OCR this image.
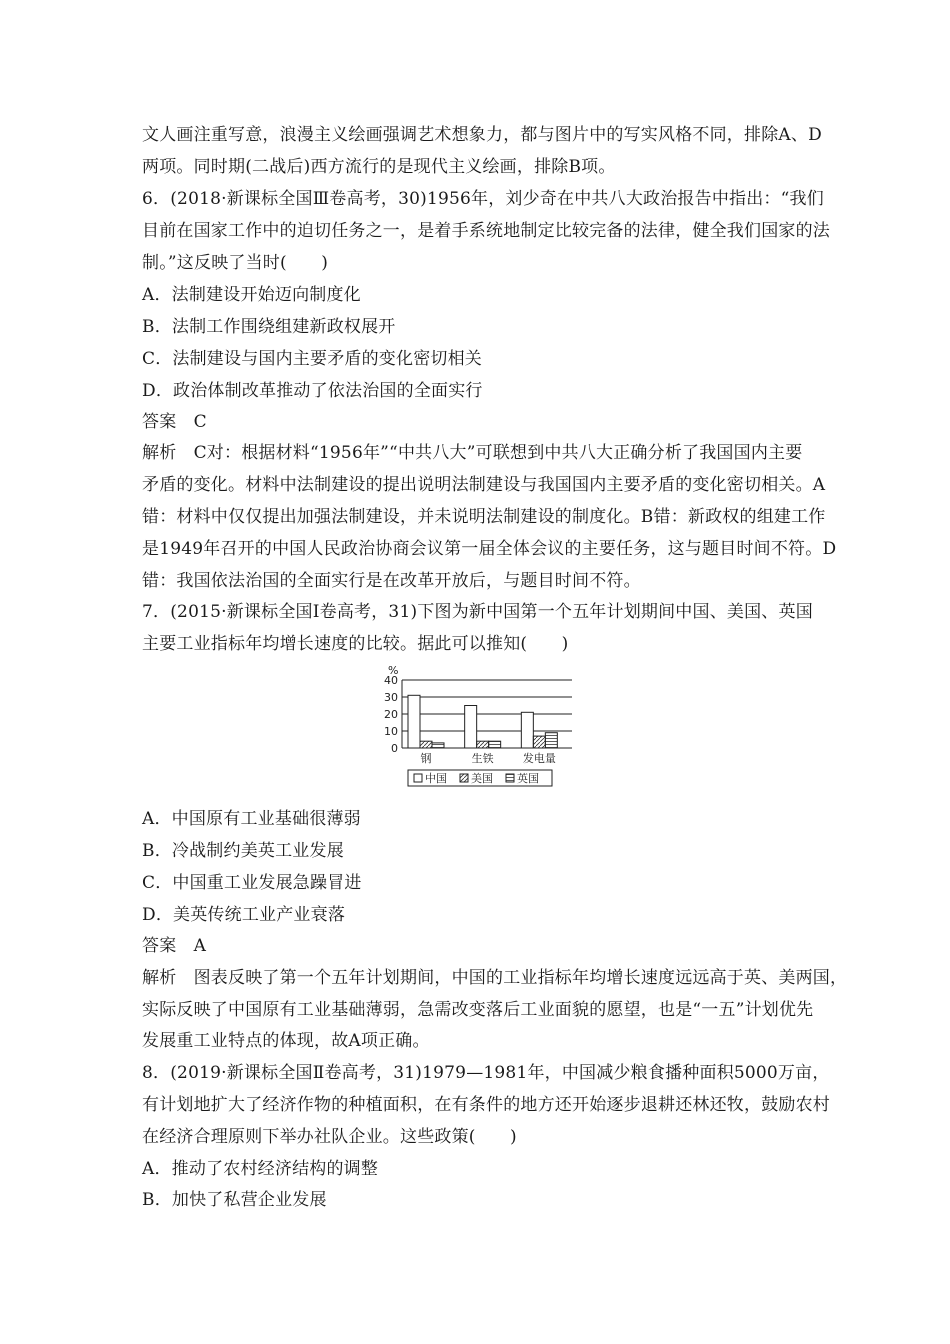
文人画注重写意，浪漫主义绘画强调艺术想象力，都与图片中的写实风格不同，排除A、D
两项。同时期(二战后)西方流行的是现代主义绘画，排除B项。
6．(2018·新课标全国Ⅲ卷高考，30)1956年，刘少奇在中共八大政治报告中指出：“我们
目前在国家工作中的迫切任务之一，是着手系统地制定比较完备的法律，健全我们国家的法
制。”这反映了当时(　　)
A．法制建设开始迈向制度化
B．法制工作围绕组建新政权展开
C．法制建设与国内主要矛盾的变化密切相关
D．政治体制改革推动了依法治国的全面实行
答案　C
解析　C对：根据材料“1956年”“中共八大”可联想到中共八大正确分析了我国国内主要
矛盾的变化。材料中法制建设的提出说明法制建设与我国国内主要矛盾的变化密切相关。A
错：材料中仅仅提出加强法制建设，并未说明法制建设的制度化。B错：新政权的组建工作
是1949年召开的中国人民政治协商会议第一届全体会议的主要任务，这与题目时间不符。D
错：我国依法治国的全面实行是在改革开放后，与题目时间不符。
7．(2015·新课标全国Ⅰ卷高考，31)下图为新中国第一个五年计划期间中国、美国、英国
主要工业指标年均增长速度的比较。据此可以推知(　　)
%
0
10
20
30
40
钢	生铁	发电量
中国 美国 英国
A．中国原有工业基础很薄弱
B．冷战制约美英工业发展
C．中国重工业发展急躁冒进
D．美英传统工业产业衰落
答案　A
解析　图表反映了第一个五年计划期间，中国的工业指标年均增长速度远远高于英、美两国，
实际反映了中国原有工业基础薄弱，急需改变落后工业面貌的愿望，也是“一五”计划优先
发展重工业特点的体现，故A项正确。
8．(2019·新课标全国Ⅱ卷高考，31)1979—1981年，中国减少粮食播种面积5000万亩，
有计划地扩大了经济作物的种植面积，在有条件的地方还开始逐步退耕还林还牧，鼓励农村
在经济合理原则下举办社队企业。这些政策(　　)
A．推动了农村经济结构的调整
B．加快了私营企业发展
